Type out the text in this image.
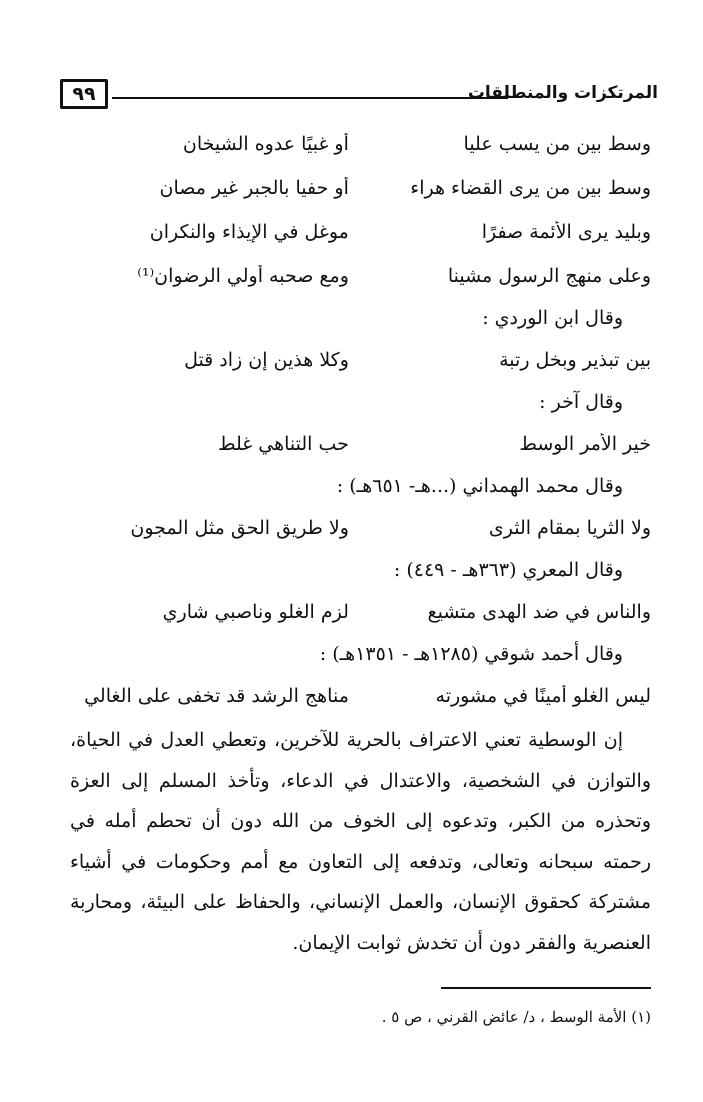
٩٩	المرتكزات والمنطلقات
وسط بين من يسب عليا
أو غبيًا عدوه الشيخان
وسط بين من يرى القضاء هراء
أو حفيا بالجبر غير مصان
وبليد يرى الأئمة صفرًا
موغل في الإيذاء والنكران
وعلى منهج الرسول مشينا
ومع صحبه أولي الرضوان⁽¹⁾
وقال ابن الوردي :
بين تبذير وبخل رتبة
وكلا هذين إن زاد قتل
وقال آخر :
خير الأمر الوسط
حب التناهي غلط
وقال محمد الهمداني (...هـ- ٦٥١هـ) :
ولا الثريا بمقام الثرى
ولا طريق الحق مثل المجون
وقال المعري (٣٦٣هـ - ٤٤٩) :
والناس في ضد الهدى متشيع
لزم الغلو وناصبي شاري
وقال أحمد شوقي (١٢٨٥هـ - ١٣٥١هـ) :
ليس الغلو أمينًا في مشورته
مناهج الرشد قد تخفى على الغالي

إن الوسطية تعني الاعتراف بالحرية للآخرين، وتعطي العدل في الحياة، والتوازن في الشخصية، والاعتدال في الدعاء، وتأخذ المسلم إلى العزة وتحذره من الكبر، وتدعوه إلى الخوف من الله دون أن تحطم أمله في رحمته سبحانه وتعالى، وتدفعه إلى التعاون مع أمم وحكومات في أشياء مشتركة كحقوق الإنسان، والعمل الإنساني، والحفاظ على البيئة، ومحاربة العنصرية والفقر دون أن تخدش ثوابت الإيمان.

(١) الأمة الوسط ، د/ عائض القرني ، ص ٥ .
